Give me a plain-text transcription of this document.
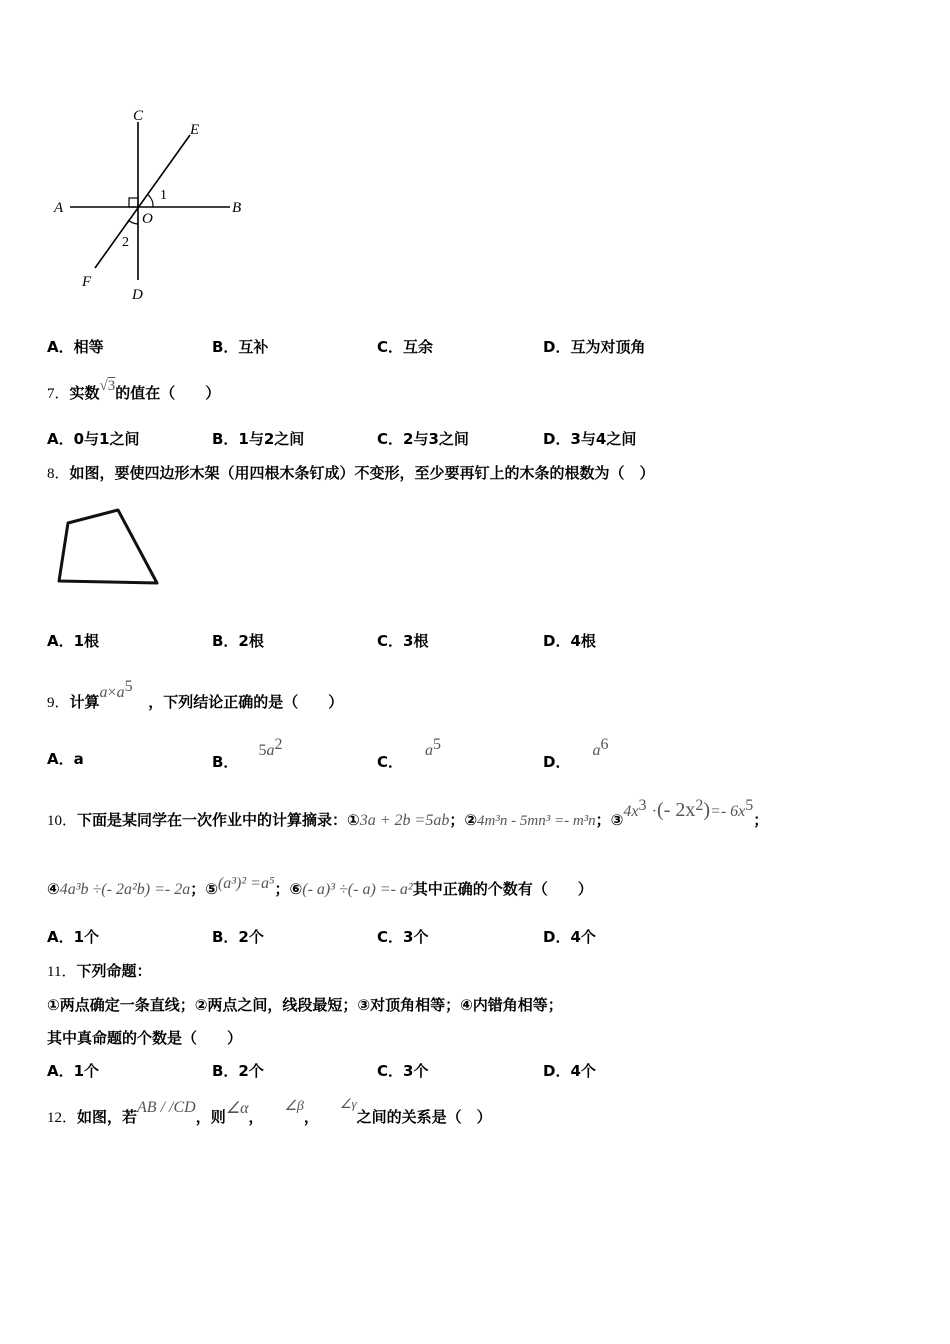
C
E
A
O
B
1
2
F
D
A．相等	B．互补	C．互余	D．互为对顶角
7．实数√3的值在（　　）
A．0与1之间	B．1与2之间	C．2与3之间	D．3与4之间
8．如图，要使四边形木架（用四根木条钉成）不变形，至少要再钉上的木条的根数为（　）
A．1根	B．2根	C．3根	D．4根
9．计算$a\times a^5$   ，下列结论正确的是（　　）
A．a	B．$5a^2$
C．$a^5$
D．$a^6$
10．下面是某同学在一次作业中的计算摘录：①3a + 2b =5ab；②4m³n - 5mn³ =- m³n；$③4x^3$ ·(- $2x^2)=-$ $6x^5$；
④4a³b ÷(- 2a²b) =- 2a；⑤(a³)² =a⁵；⑥(- a)³ ÷(- a) =- a²其中正确的个数有（　　）
A．1个	B．2个	C．3个	D．4个
11．下列命题：
①两点确定一条直线；②两点之间，线段最短；③对顶角相等；④内错角相等；
其中真命题的个数是（　　）
A．1个	B．2个	C．3个	D．4个
12．如图，若AB / /CD，则∠α，    ∠β，    ∠γ之间的关系是（　）
